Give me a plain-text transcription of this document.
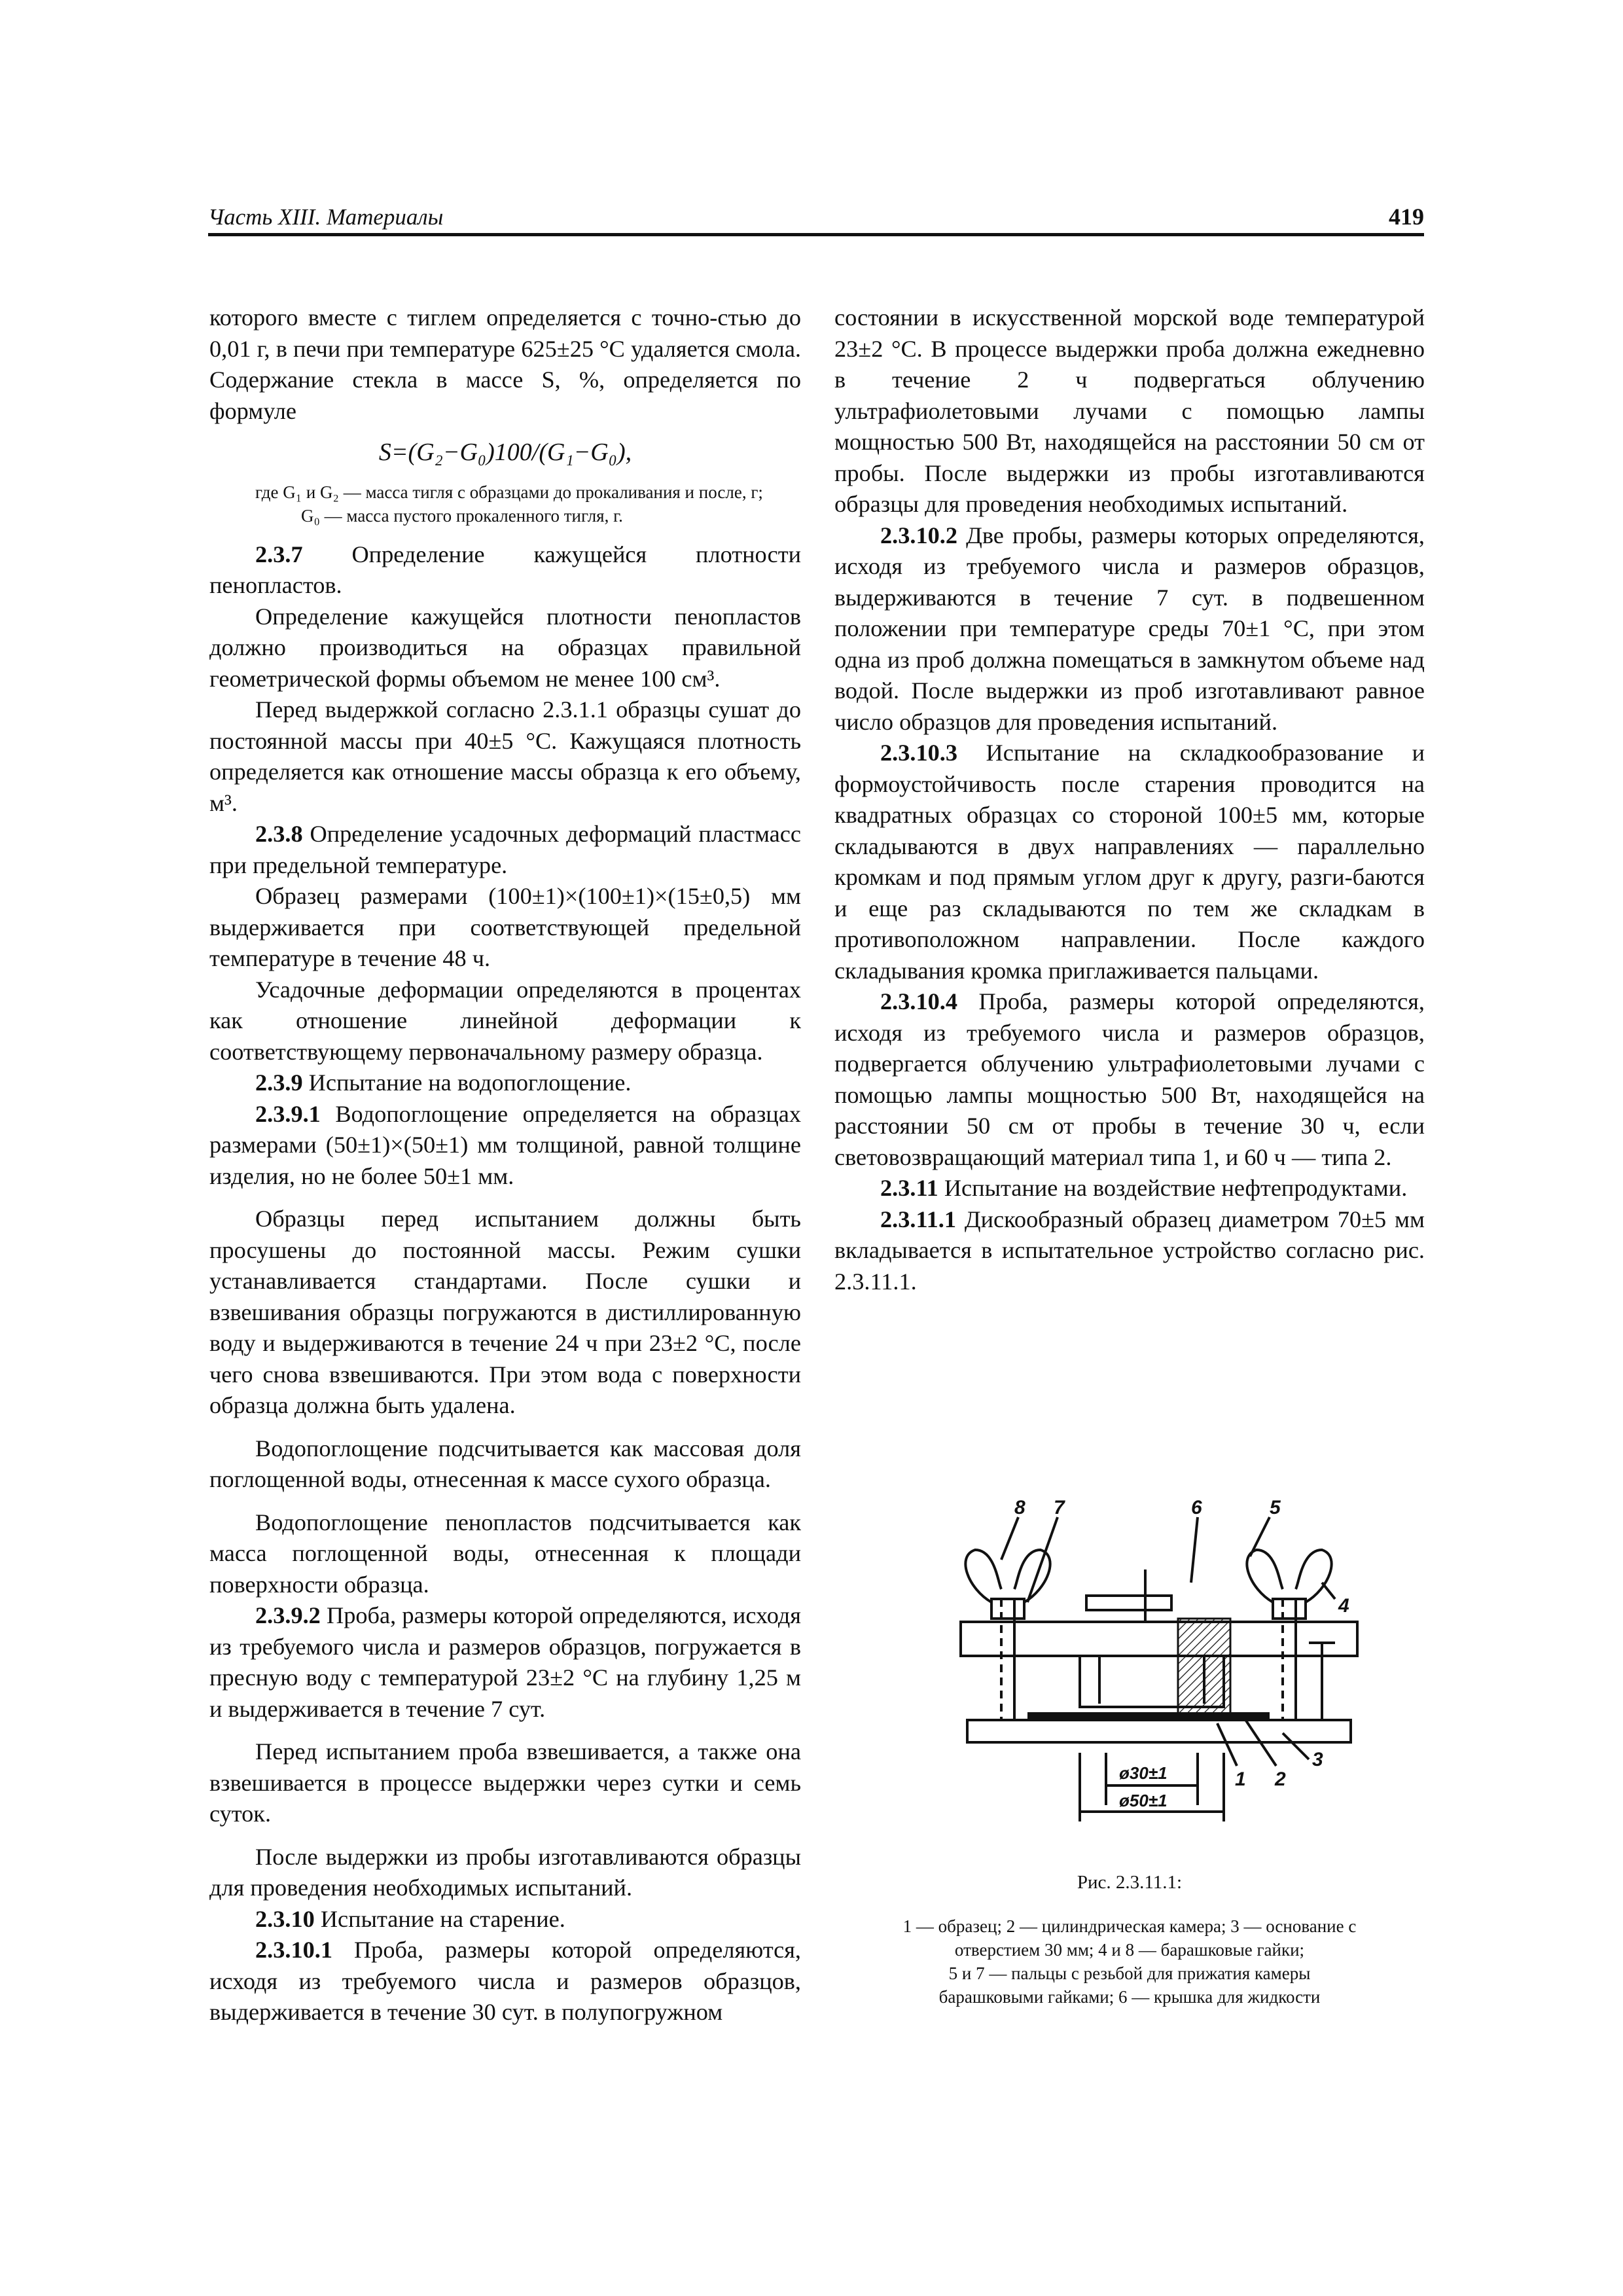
Часть XIII. Материалы	419

которого вместе с тиглем определяется с точно-стью до 0,01 г, в печи при температуре 625±25 °C удаляется смола. Содержание стекла в массе S, %, определяется по формуле

S=(G₂−G₀)100/(G₁−G₀),

где G₁ и G₂ — масса тигля с образцами до прокаливания и после, г;

G₀ — масса пустого прокаленного тигля, г.

2.3.7 Определение кажущейся плотности пенопластов.

Определение кажущейся плотности пенопластов должно производиться на образцах правильной геометрической формы объемом не менее 100 см³.

Перед выдержкой согласно 2.3.1.1 образцы сушат до постоянной массы при 40±5 °C. Кажущаяся плотность определяется как отношение массы образца к его объему, м³.

2.3.8 Определение усадочных деформаций пластмасс при предельной температуре.

Образец размерами (100±1)×(100±1)×(15±0,5) мм выдерживается при соответствующей предельной температуре в течение 48 ч.

Усадочные деформации определяются в процентах как отношение линейной деформации к соответствующему первоначальному размеру образца.

2.3.9 Испытание на водопоглощение.

2.3.9.1 Водопоглощение определяется на образцах размерами (50±1)×(50±1) мм толщиной, равной толщине изделия, но не более 50±1 мм.

Образцы перед испытанием должны быть просушены до постоянной массы. Режим сушки устанавливается стандартами. После сушки и взвешивания образцы погружаются в дистиллированную воду и выдерживаются в течение 24 ч при 23±2 °C, после чего снова взвешиваются. При этом вода с поверхности образца должна быть удалена.

Водопоглощение подсчитывается как массовая доля поглощенной воды, отнесенная к массе сухого образца.

Водопоглощение пенопластов подсчитывается как масса поглощенной воды, отнесенная к площади поверхности образца.

2.3.9.2 Проба, размеры которой определяются, исходя из требуемого числа и размеров образцов, погружается в пресную воду с температурой 23±2 °C на глубину 1,25 м и выдерживается в течение 7 сут.

Перед испытанием проба взвешивается, а также она взвешивается в процессе выдержки через сутки и семь суток.

После выдержки из пробы изготавливаются образцы для проведения необходимых испытаний.

2.3.10 Испытание на старение.

2.3.10.1 Проба, размеры которой определяются, исходя из требуемого числа и размеров образцов, выдерживается в течение 30 сут. в полупогружном

состоянии в искусственной морской воде температурой 23±2 °C. В процессе выдержки проба должна ежедневно в течение 2 ч подвергаться облучению ультрафиолетовыми лучами с помощью лампы мощностью 500 Вт, находящейся на расстоянии 50 см от пробы. После выдержки из пробы изготавливаются образцы для проведения необходимых испытаний.

2.3.10.2 Две пробы, размеры которых определяются, исходя из требуемого числа и размеров образцов, выдерживаются в течение 7 сут. в подвешенном положении при температуре среды 70±1 °C, при этом одна из проб должна помещаться в замкнутом объеме над водой. После выдержки из проб изготавливают равное число образцов для проведения испытаний.

2.3.10.3 Испытание на складкообразование и формоустойчивость после старения проводится на квадратных образцах со стороной 100±5 мм, которые складываются в двух направлениях — параллельно кромкам и под прямым углом друг к другу, разги-баются и еще раз складываются по тем же складкам в противоположном направлении. После каждого складывания кромка приглаживается пальцами.

2.3.10.4 Проба, размеры которой определяются, исходя из требуемого числа и размеров образцов, подвергается облучению ультрафиолетовыми лучами с помощью лампы мощностью 500 Вт, находящейся на расстоянии 50 см от пробы в течение 30 ч, если световозвращающий материал типа 1, и 60 ч — типа 2.

2.3.11 Испытание на воздействие нефтепродуктами.

2.3.11.1 Дискообразный образец диаметром 70±5 мм вкладывается в испытательное устройство согласно рис. 2.3.11.1.

8 7	6	5
4
3
1 2
ø30±1
ø50±1
Рис. 2.3.11.1:
1 — образец; 2 — цилиндрическая камера; 3 — основание с
отверстием 30 мм; 4 и 8 — барашковые гайки;
5 и 7 — пальцы с резьбой для прижатия камеры
барашковыми гайками; 6 — крышка для жидкости
